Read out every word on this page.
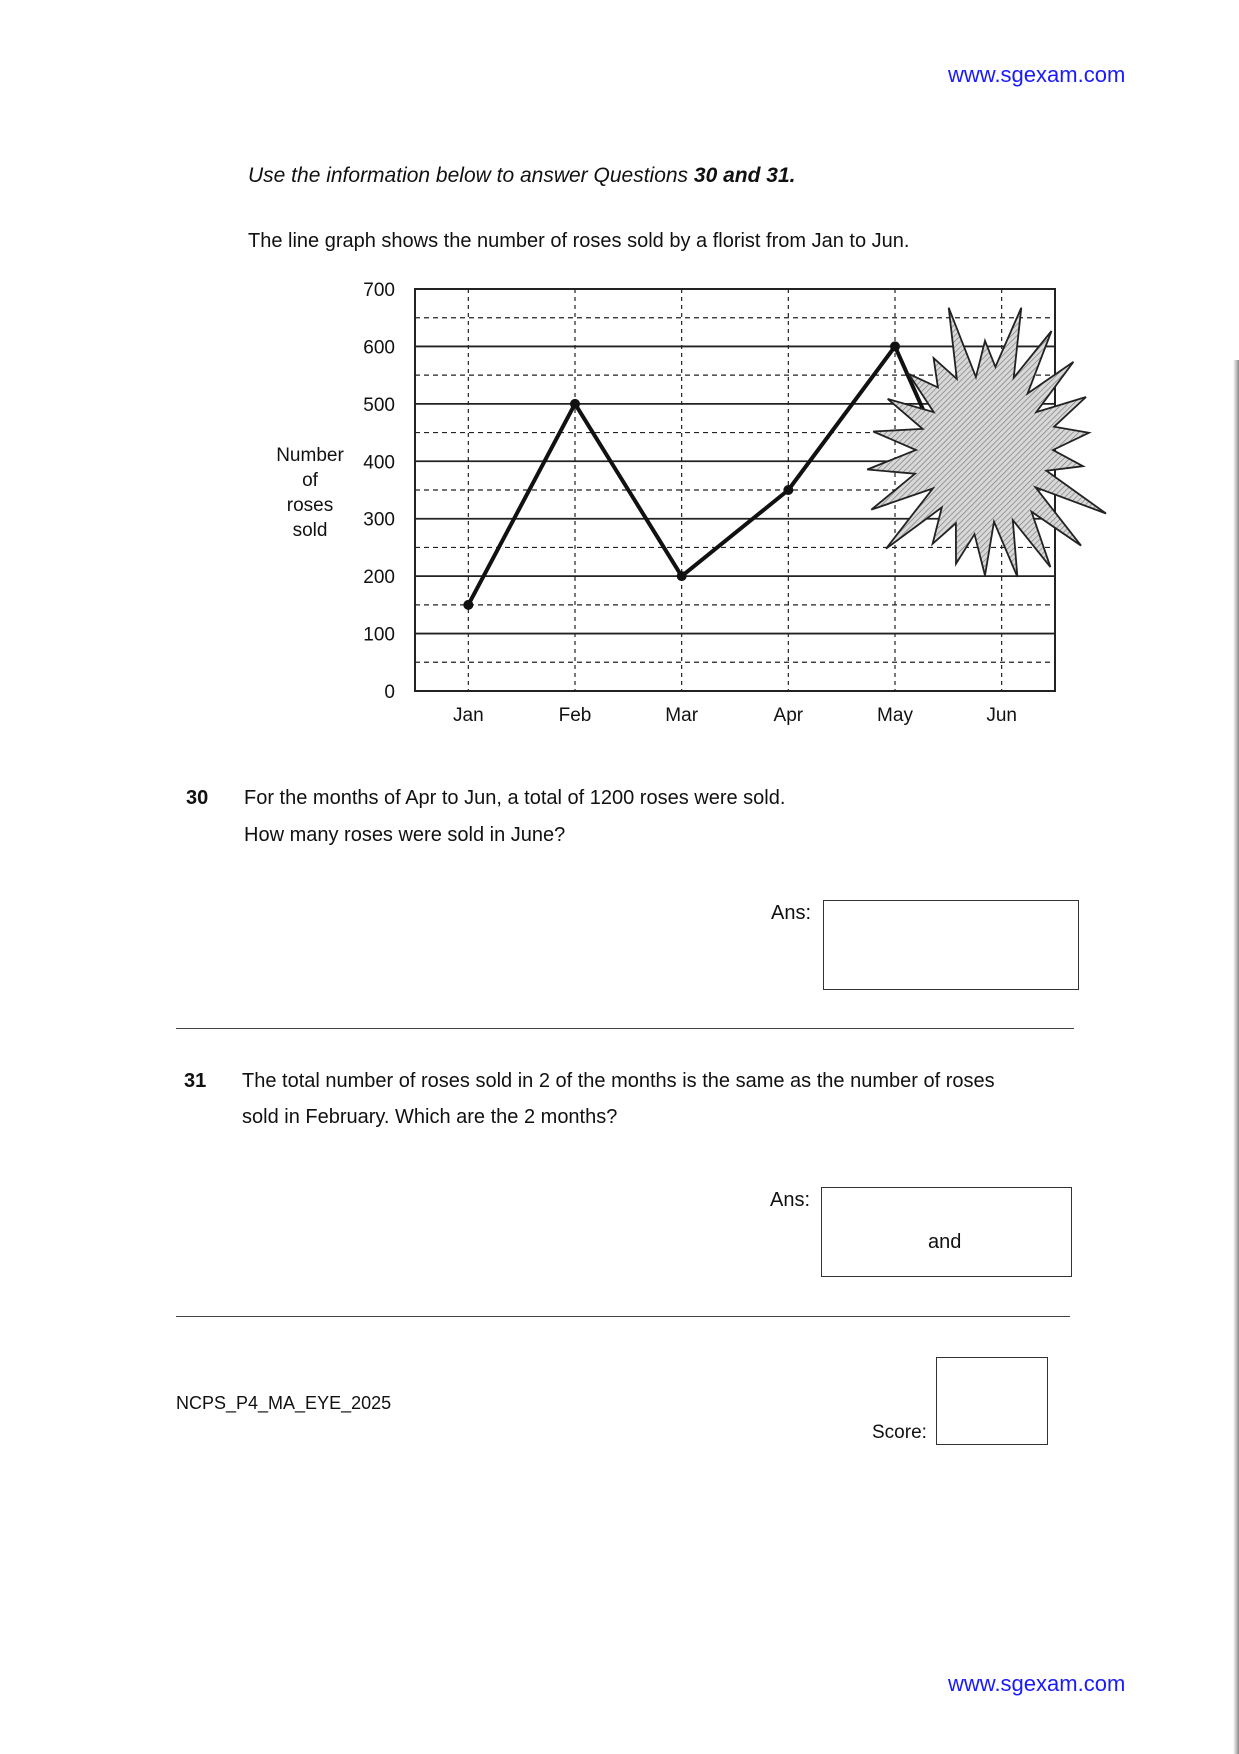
www.sgexam.com
Use the information below to answer Questions 30 and 31.
The line graph shows the number of roses sold by a florist from Jan to Jun.
Number
of
roses
sold
0
100
200
300
400
500
600
700
Jan	Feb	Mar	Apr	May	Jun
30 For the months of Apr to Jun, a total of 1200 roses were sold.
How many roses were sold in June?
Ans:
31 The total number of roses sold in 2 of the months is the same as the number of roses
sold in February. Which are the 2 months?
Ans:
and
NCPS_P4_MA_EYE_2025
Score:
www.sgexam.com
